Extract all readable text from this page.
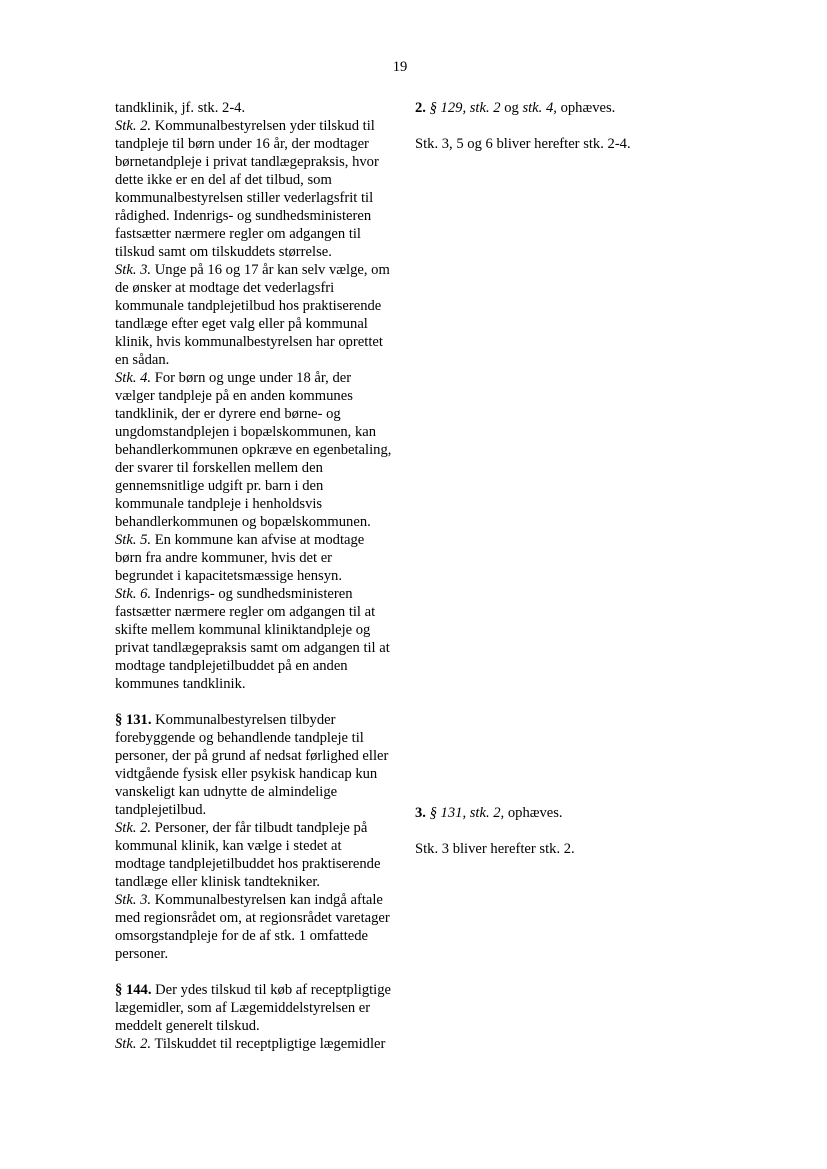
19
tandklinik, jf. stk. 2-4.
Stk. 2. Kommunalbestyrelsen yder tilskud til
tandpleje til børn under 16 år, der modtager
børnetandpleje i privat tandlægepraksis, hvor
dette ikke er en del af det tilbud, som
kommunalbestyrelsen stiller vederlagsfrit til
rådighed. Indenrigs- og sundhedsministeren
fastsætter nærmere regler om adgangen til
tilskud samt om tilskuddets størrelse.
Stk. 3. Unge på 16 og 17 år kan selv vælge, om
de ønsker at modtage det vederlagsfri
kommunale tandplejetilbud hos praktiserende
tandlæge efter eget valg eller på kommunal
klinik, hvis kommunalbestyrelsen har oprettet
en sådan.
Stk. 4. For børn og unge under 18 år, der
vælger tandpleje på en anden kommunes
tandklinik, der er dyrere end børne- og
ungdomstandplejen i bopælskommunen, kan
behandlerkommunen opkræve en egenbetaling,
der svarer til forskellen mellem den
gennemsnitlige udgift pr. barn i den
kommunale tandpleje i henholdsvis
behandlerkommunen og bopælskommunen.
Stk. 5. En kommune kan afvise at modtage
børn fra andre kommuner, hvis det er
begrundet i kapacitetsmæssige hensyn.
Stk. 6. Indenrigs- og sundhedsministeren
fastsætter nærmere regler om adgangen til at
skifte mellem kommunal kliniktandpleje og
privat tandlægepraksis samt om adgangen til at
modtage tandplejetilbuddet på en anden
kommunes tandklinik.
§ 131. Kommunalbestyrelsen tilbyder
forebyggende og behandlende tandpleje til
personer, der på grund af nedsat førlighed eller
vidtgående fysisk eller psykisk handicap kun
vanskeligt kan udnytte de almindelige
tandplejetilbud.
Stk. 2. Personer, der får tilbudt tandpleje på
kommunal klinik, kan vælge i stedet at
modtage tandplejetilbuddet hos praktiserende
tandlæge eller klinisk tandtekniker.
Stk. 3. Kommunalbestyrelsen kan indgå aftale
med regionsrådet om, at regionsrådet varetager
omsorgstandpleje for de af stk. 1 omfattede
personer.
§ 144. Der ydes tilskud til køb af receptpligtige
lægemidler, som af Lægemiddelstyrelsen er
meddelt generelt tilskud.
Stk. 2. Tilskuddet til receptpligtige lægemidler
2. § 129, stk. 2 og stk. 4, ophæves.
Stk. 3, 5 og 6 bliver herefter stk. 2-4.
3. § 131, stk. 2, ophæves.
Stk. 3 bliver herefter stk. 2.
